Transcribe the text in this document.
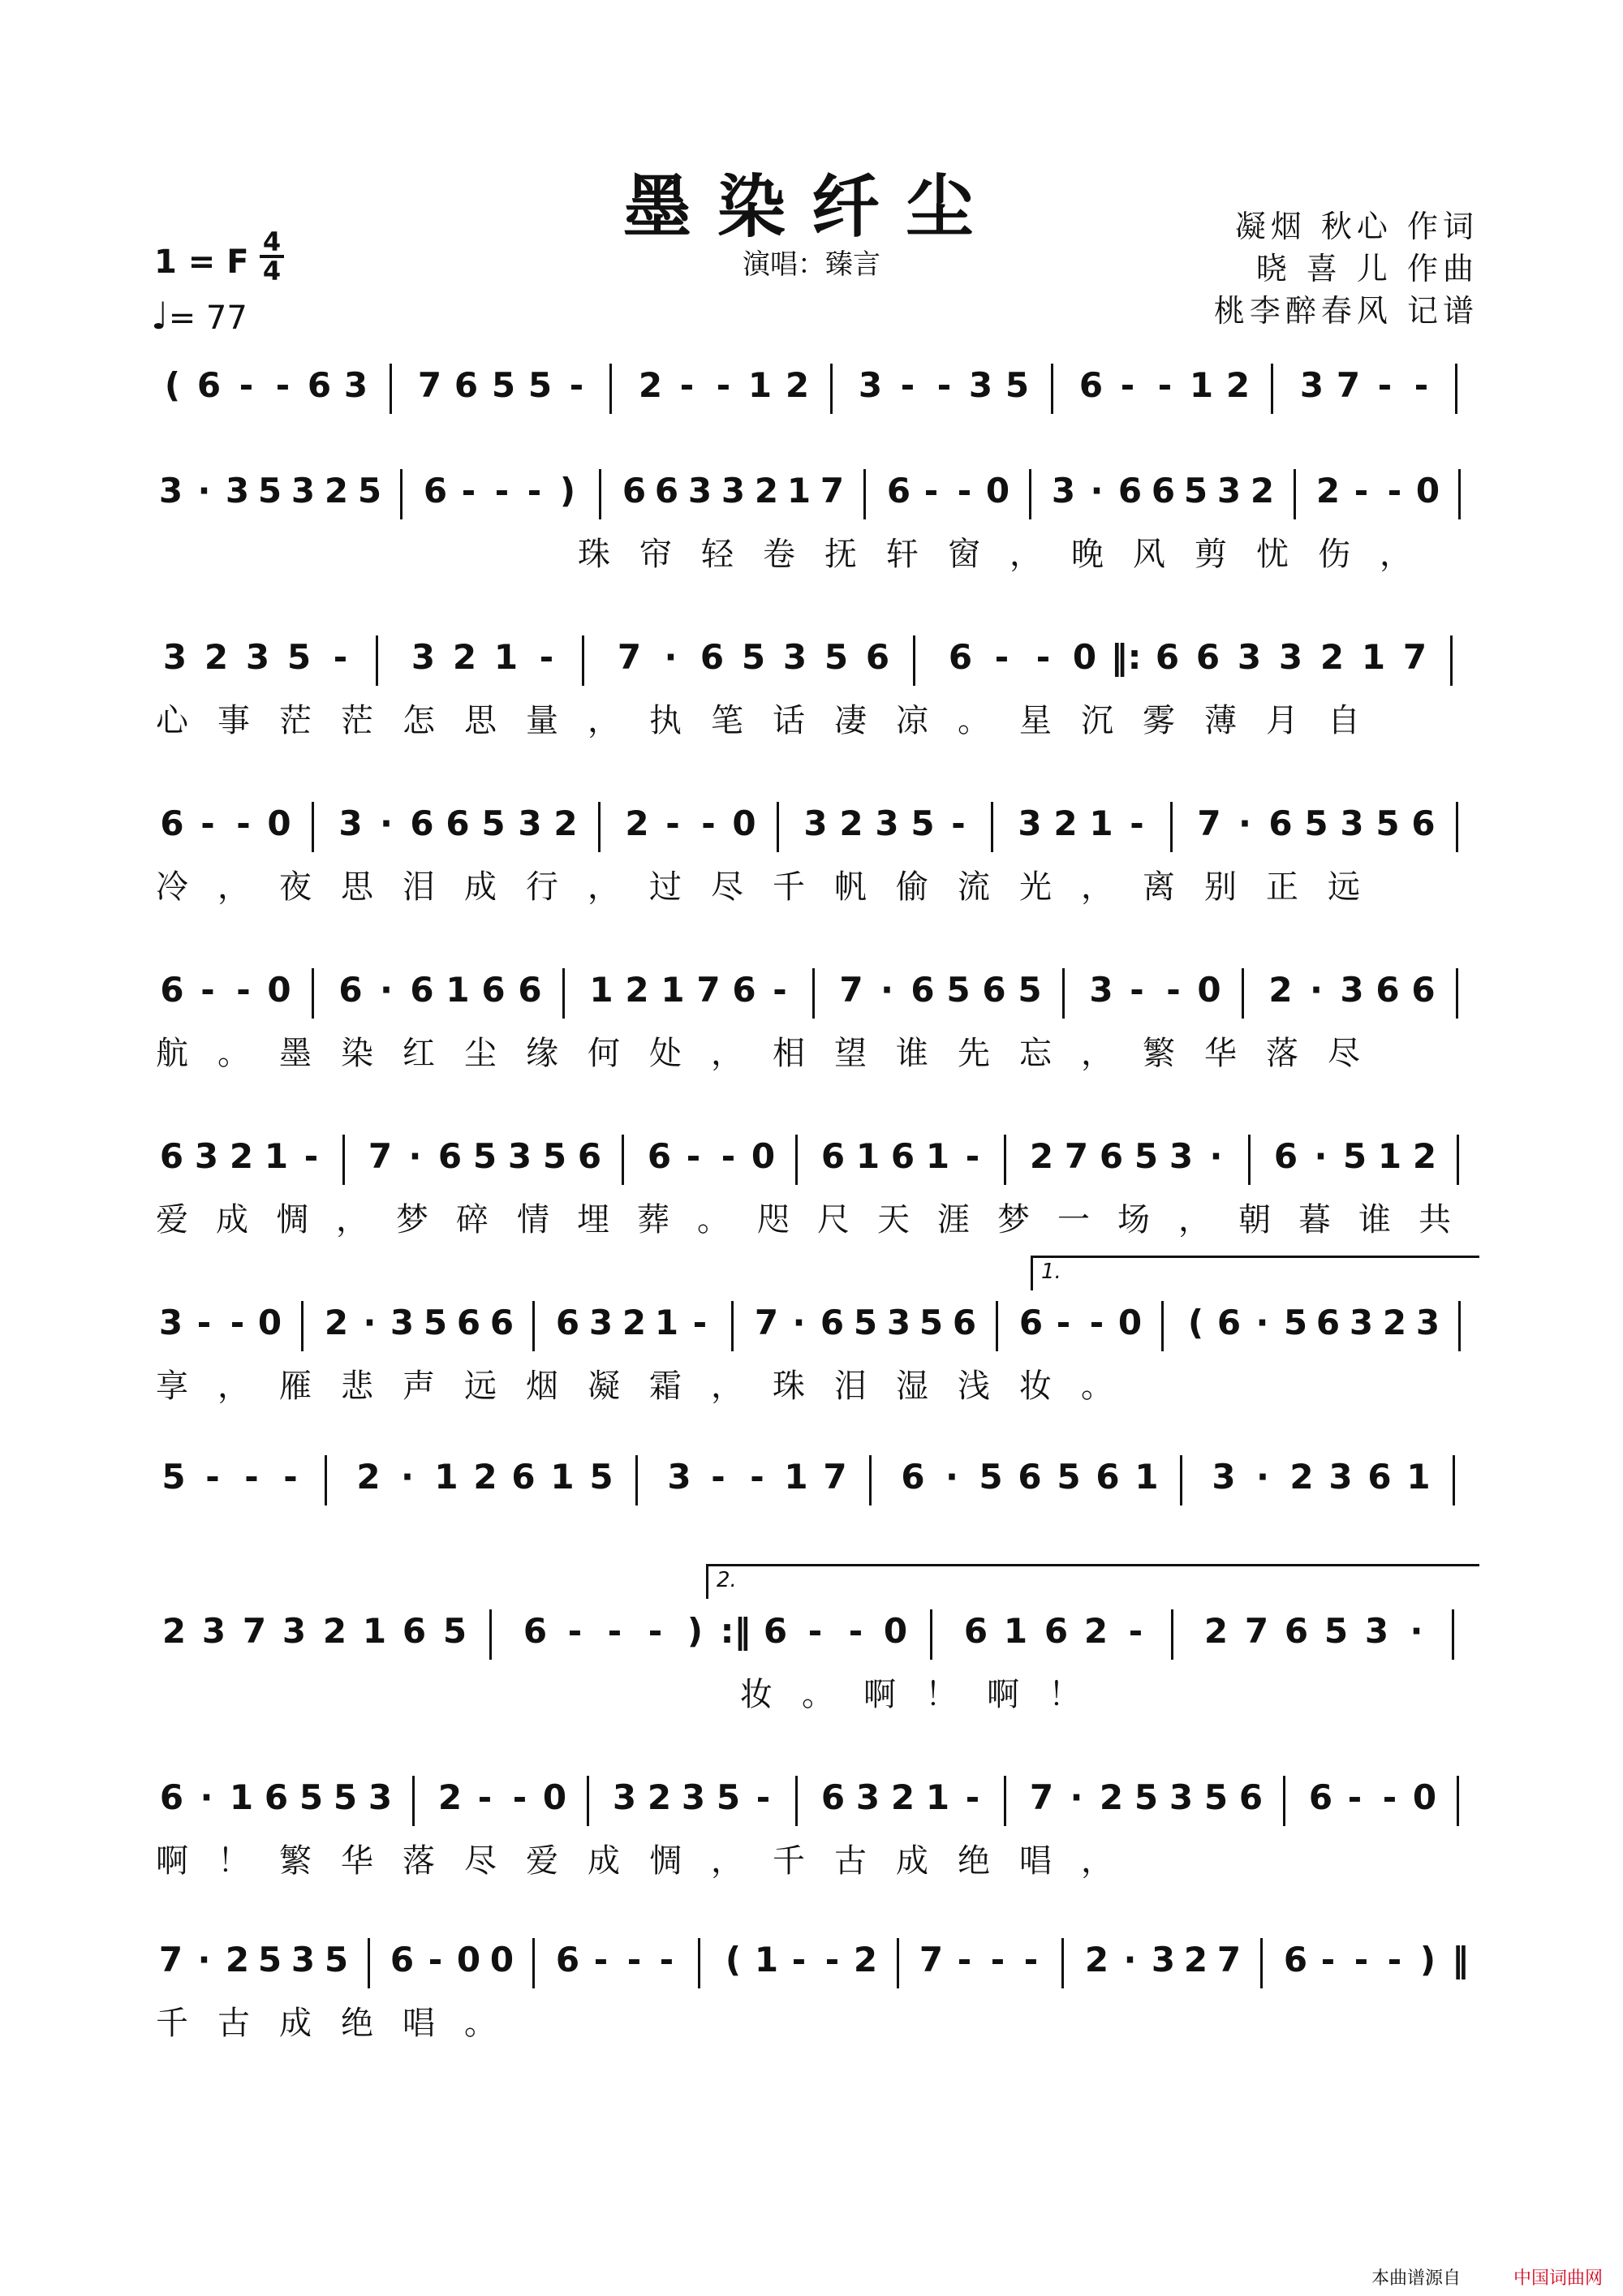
墨染纤尘
演唱：臻言
凝烟 秋心 作词
晓 喜 儿 作曲
桃李醉春风 记谱
1 = F
4
4
♩= 77
( 6 - - 6 3 7 6 5 5 -	2 - - 1 2 3 - - 3 5 6 - - 1 2 3 7 - -
3 · 3 5 3 2 5 6 - - - ) 6 6 3 3 2 1 7 6 - - 0 3 · 6 6 5 3 2 2 - - 0
珠 帘 轻 卷 抚 轩 窗 ， 晚 风 剪 忧 伤 ，
3 2 3 5 -	3 2 1 -	7 · 6 5 3 5 6 6 - - 0 ‖: 6 6 3 3 2 1 7
心 事 茫 茫 怎 思 量 ， 执 笔 话 凄 凉 。 星 沉 雾 薄 月 自
6 - - 0 3 · 6 6 5 3 2 2 - - 0 3 2 3 5 -	3 2 1 -	7 · 6 5 3 5 6
冷 ， 夜 思 泪 成 行 ， 过 尽 千 帆 偷 流 光 ， 离 别 正 远
6 - - 0 6 · 6 1 6 6 1 2 1 7 6 -	7 · 6 5 6 5 3 - - 0 2 · 3 6 6
航 。 墨 染 红 尘 缘 何 处 ， 相 望 谁 先 忘 ， 繁 华 落 尽
6 3 2 1 -	7 · 6 5 3 5 6 6 - - 0 6 1 6 1 -	2 7 6 5 3 ·	6 · 5 1 2
爱 成 惆 ， 梦 碎 情 埋 葬 。 咫 尺 天 涯 梦 一 场 ， 朝 暮 谁 共
3 - - 0 2 · 3 5 6 6 6 3 2 1 - 7 · 6 5 3 5 6 6 - - 0 ( 6 · 5 6 3 2 3
享 ， 雁 悲 声 远 烟 凝 霜 ， 珠 泪 湿 浅 妆 。
1.
5 - - -	2 · 1 2 6 1 5 3 - - 1 7 6 · 5 6 5 6 1 3 · 2 3 6 1
2 3 7 3 2 1 6 5 6 - - - ) :‖ 6 - - 0 6 1 6 2 -	2 7 6 5 3 ·
妆 。 啊 ！ 啊 ！
2.
6 · 1 6 5 5 3 2 - - 0 3 2 3 5 -	6 3 2 1 -	7 · 2 5 3 5 6 6 - - 0
啊 ！ 繁 华 落 尽 爱 成 惆 ， 千 古 成 绝 唱 ，
7 · 2 5 3 5 6 - 0 0 6 - - - ( 1 - - 2 7 - - - 2 · 3 2 7 6 - - - ) ‖
千 古 成 绝 唱 。
本曲谱源自	中国词曲网
